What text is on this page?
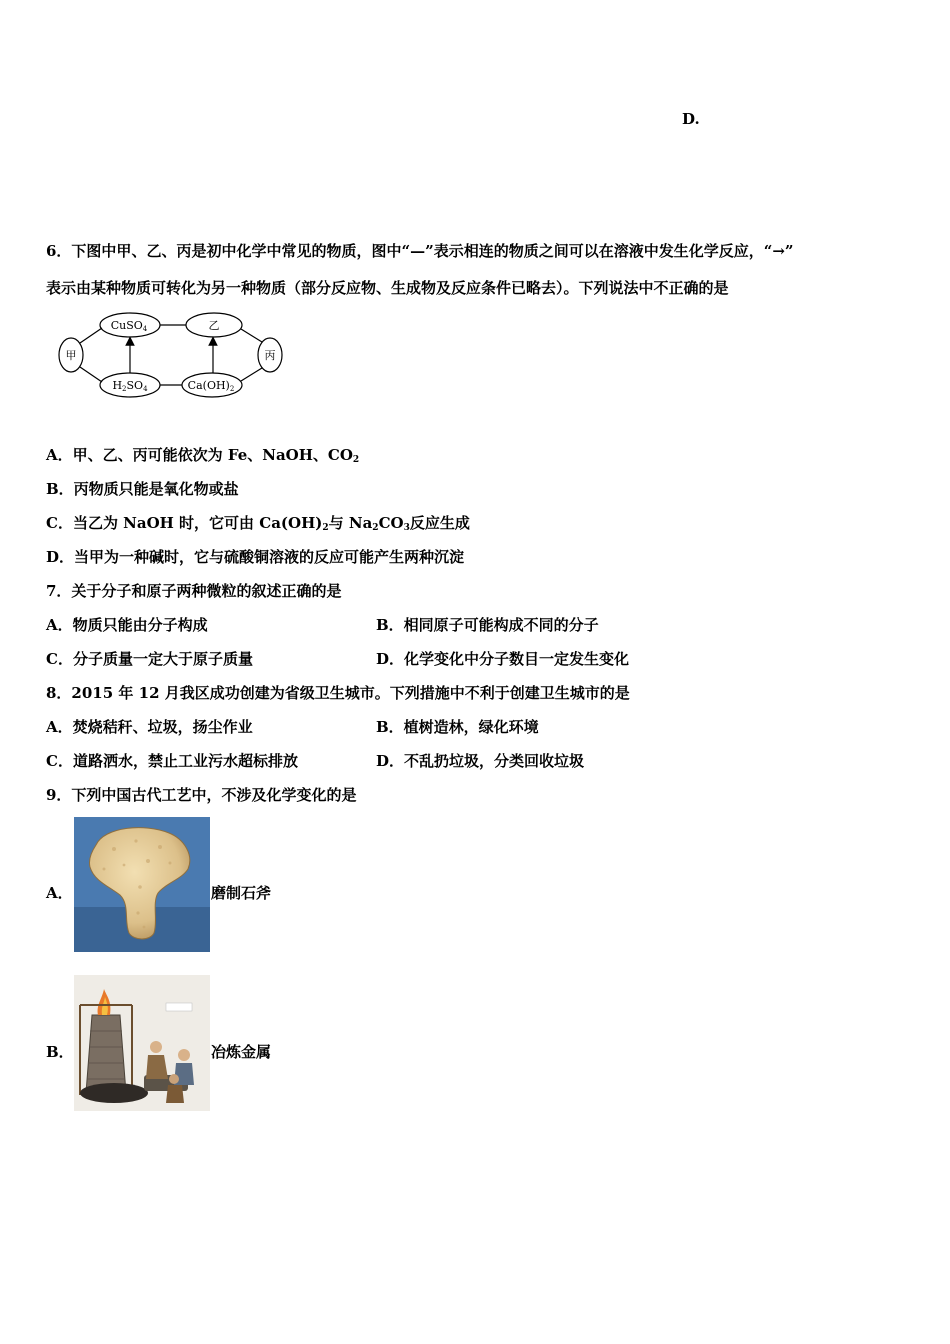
D.
6．下图中甲、乙、丙是初中化学中常见的物质，图中“—”表示相连的物质之间可以在溶液中发生化学反应，“→”
表示由某种物质可转化为另一种物质（部分反应物、生成物及反应条件已略去）。下列说法中不正确的是
甲
CuSO4	乙
丙
H2SO4	Ca(OH)2
A．甲、乙、丙可能依次为 Fe、NaOH、$CO_2$
B．丙物质只能是氧化物或盐
C．当乙为 NaOH 时，它可由 $Ca(OH)_2$与 $Na_2CO_3$反应生成
D．当甲为一种碱时，它与硫酸铜溶液的反应可能产生两种沉淀
7．关于分子和原子两种微粒的叙述正确的是
A．物质只能由分子构成	B．相同原子可能构成不同的分子
C．分子质量一定大于原子质量	D．化学变化中分子数目一定发生变化
8．2015 年 12 月我区成功创建为省级卫生城市。下列措施中不利于创建卫生城市的是
A．焚烧秸秆、垃圾，扬尘作业	B．植树造林，绿化环境
C．道路洒水，禁止工业污水超标排放	D．不乱扔垃圾，分类回收垃圾
9．下列中国古代工艺中，不涉及化学变化的是
A．	磨制石斧
B．	冶炼金属
